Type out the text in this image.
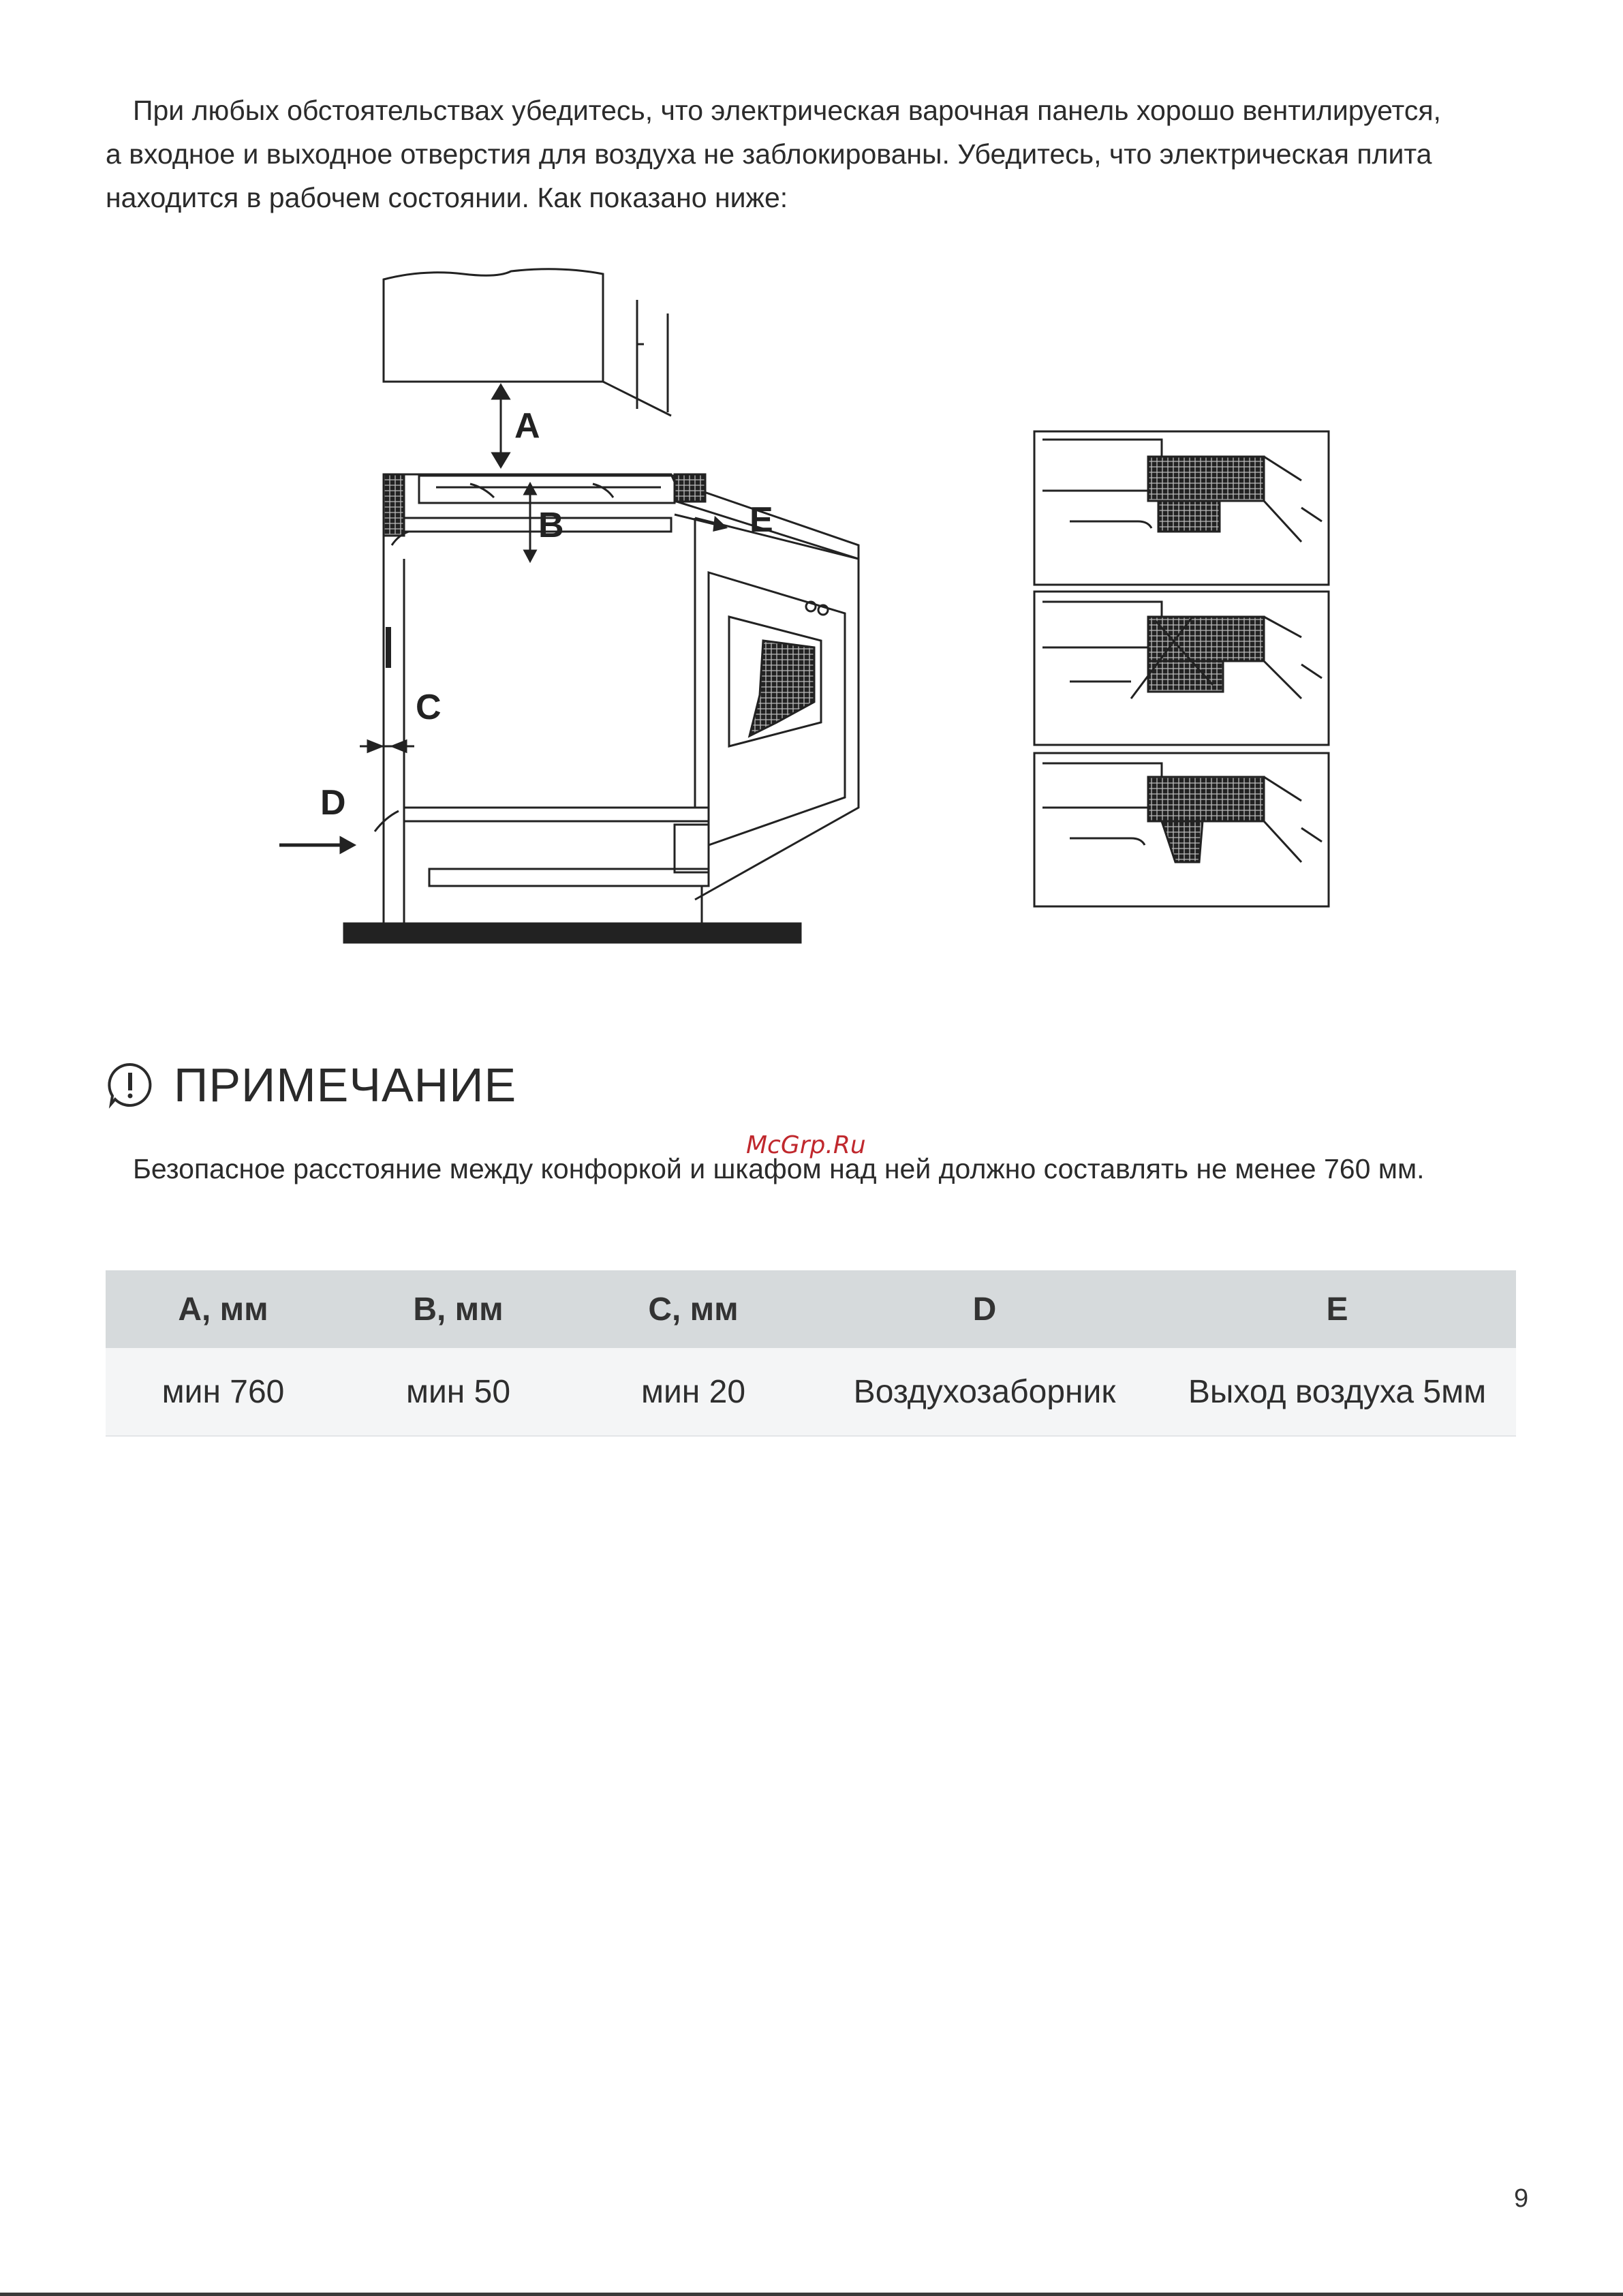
При любых обстоятельствах убедитесь, что электрическая варочная панель хорошо вентилируется,

а входное и выходное отверстия для воздуха не заблокированы. Убедитесь, что электрическая плита
находится в рабочем состоянии. Как показано ниже:
A
B
C
D
E
ПРИМЕЧАНИЕ
McGrp.Ru
Безопасное расстояние между конфоркой и шкафом над ней должно составлять не менее 760 мм.
A, мм	B, мм	C, мм	D	E
мин 760	мин 50	мин 20	Воздухозаборник	Выход воздуха 5мм
9
